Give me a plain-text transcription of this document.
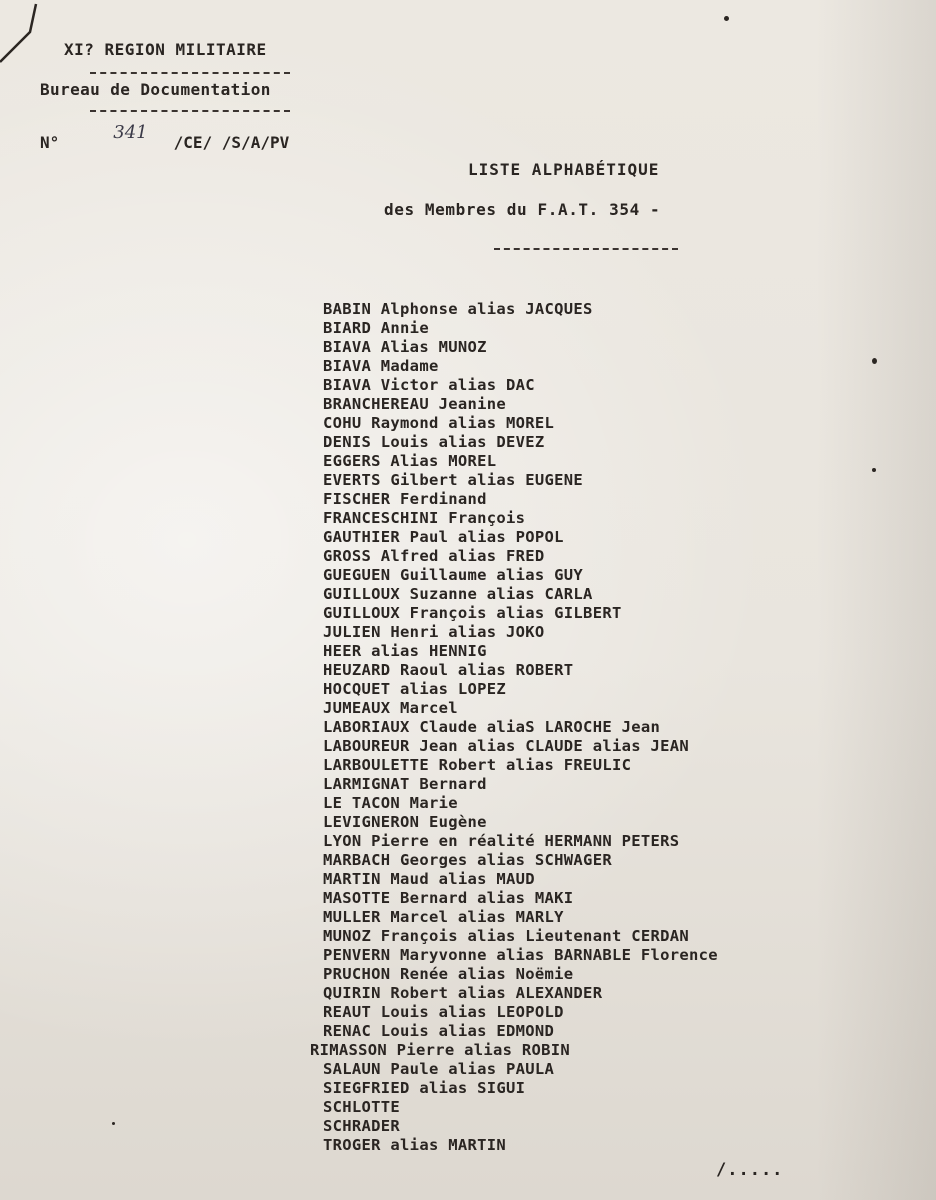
XI? REGION MILITAIRE
Bureau de Documentation
N°	341 /CE/ /S/A/PV
LISTE ALPHABÉTIQUE
des Membres du F.A.T. 354 -
BABIN Alphonse alias JACQUES
BIARD Annie
BIAVA Alias MUNOZ
BIAVA Madame
BIAVA Victor alias DAC
BRANCHEREAU Jeanine
COHU Raymond alias MOREL
DENIS Louis alias DEVEZ
EGGERS Alias MOREL
EVERTS Gilbert alias EUGENE
FISCHER Ferdinand
FRANCESCHINI François
GAUTHIER Paul alias POPOL
GROSS Alfred alias FRED
GUEGUEN Guillaume alias GUY
GUILLOUX Suzanne alias CARLA
GUILLOUX François alias GILBERT
JULIEN Henri alias JOKO
HEER alias HENNIG
HEUZARD Raoul alias ROBERT
HOCQUET alias LOPEZ
JUMEAUX Marcel
LABORIAUX Claude aliaS LAROCHE Jean
LABOUREUR Jean alias CLAUDE alias JEAN
LARBOULETTE Robert alias FREULIC
LARMIGNAT Bernard
LE TACON Marie
LEVIGNERON Eugène
LYON Pierre en réalité HERMANN PETERS
MARBACH Georges alias SCHWAGER
MARTIN Maud alias MAUD
MASOTTE Bernard alias MAKI
MULLER Marcel alias MARLY
MUNOZ François alias Lieutenant CERDAN
PENVERN Maryvonne alias BARNABLE Florence
PRUCHON Renée alias Noëmie
QUIRIN Robert alias ALEXANDER
REAUT Louis alias LEOPOLD
RENAC Louis alias EDMOND
RIMASSON Pierre alias ROBIN
SALAUN Paule alias PAULA
SIEGFRIED alias SIGUI
SCHLOTTE
SCHRADER
TROGER alias MARTIN
/.....
